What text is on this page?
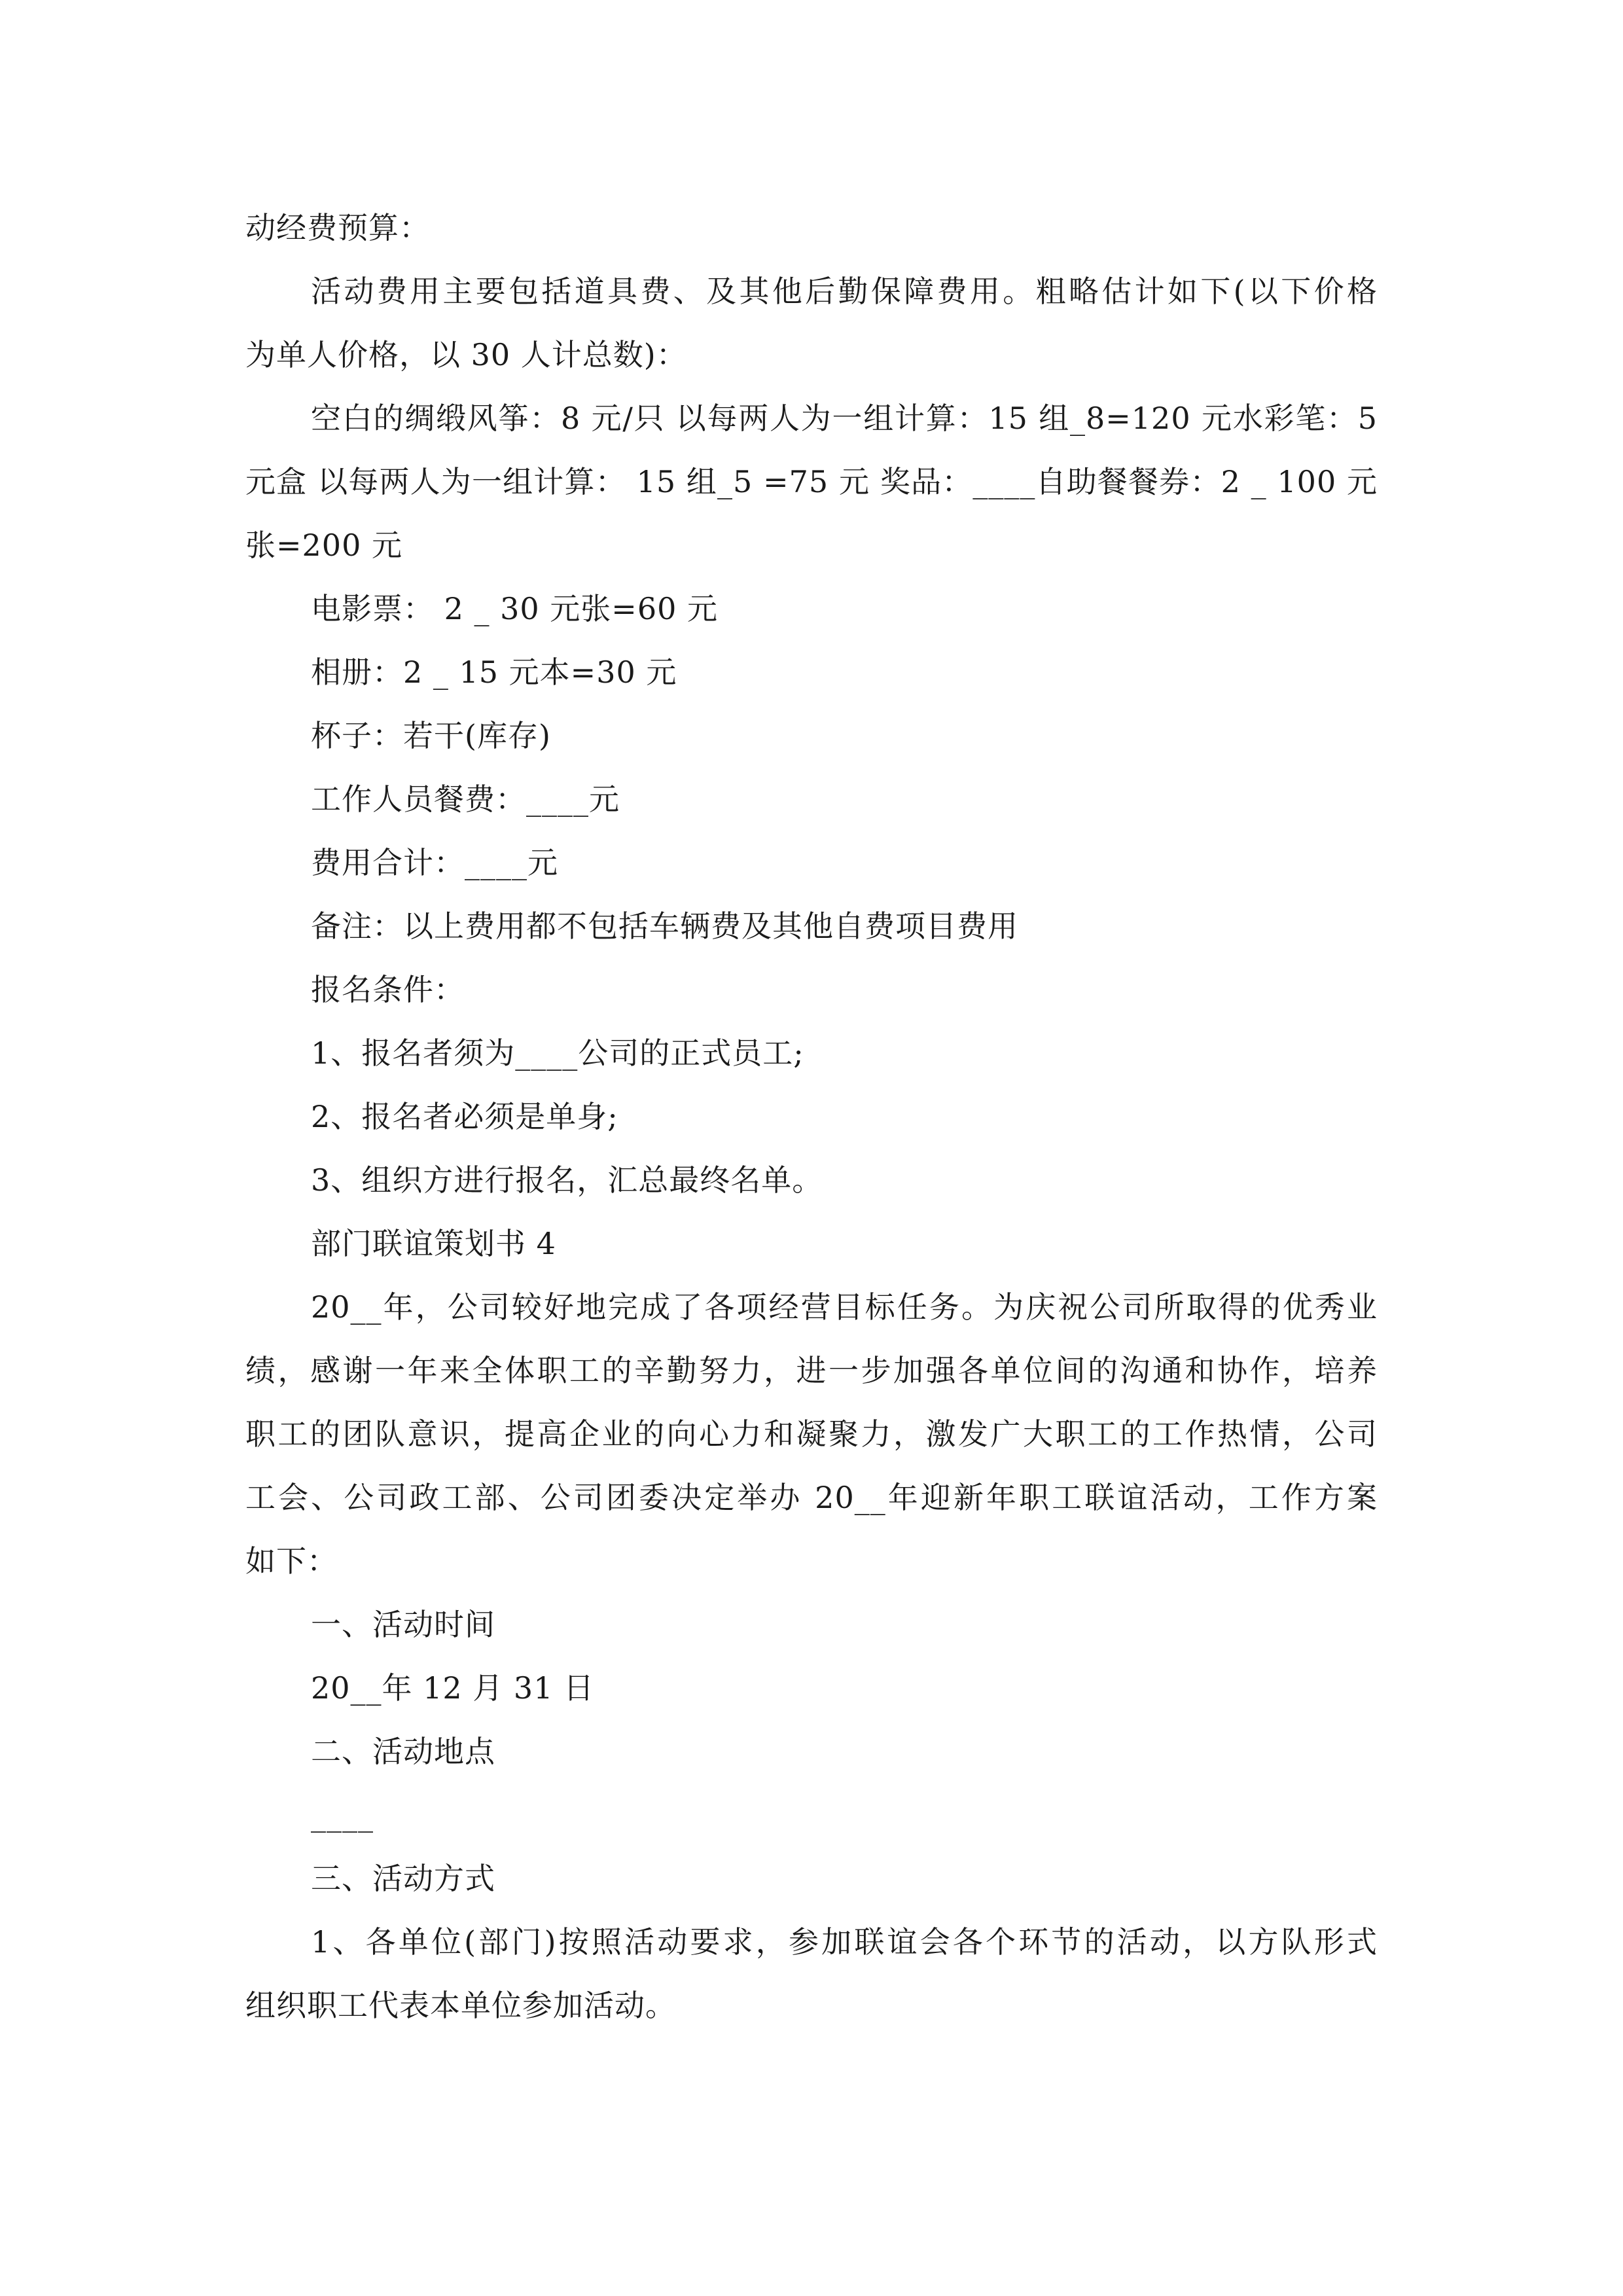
动经费预算：
活动费用主要包括道具费、及其他后勤保障费用。粗略估计如下(以下价格
为单人价格，以 30 人计总数)：
空白的绸缎风筝：8 元/只 以每两人为一组计算：15 组_8=120 元水彩笔：5
元盒 以每两人为一组计算： 15 组_5 =75 元 奖品：____自助餐餐券：2 _ 100 元
张=200 元
电影票： 2 _ 30 元张=60 元
相册：2 _ 15 元本=30 元
杯子：若干(库存)
工作人员餐费：____元
费用合计：____元
备注：以上费用都不包括车辆费及其他自费项目费用
报名条件：
1、报名者须为____公司的正式员工;
2、报名者必须是单身;
3、组织方进行报名，汇总最终名单。
部门联谊策划书 4
20__年，公司较好地完成了各项经营目标任务。为庆祝公司所取得的优秀业
绩，感谢一年来全体职工的辛勤努力，进一步加强各单位间的沟通和协作，培养
职工的团队意识，提高企业的向心力和凝聚力，激发广大职工的工作热情，公司
工会、公司政工部、公司团委决定举办 20__年迎新年职工联谊活动，工作方案
如下：
一、活动时间
20__年 12 月 31 日
二、活动地点
____
三、活动方式
1、各单位(部门)按照活动要求，参加联谊会各个环节的活动，以方队形式
组织职工代表本单位参加活动。
